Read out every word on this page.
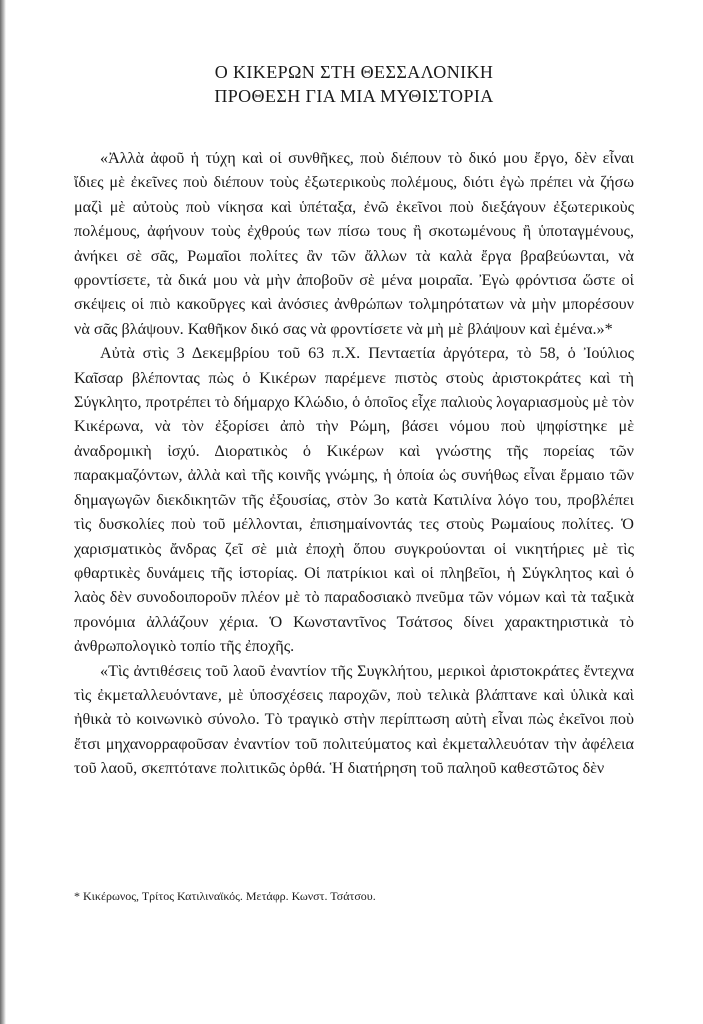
Ο ΚΙΚΕΡΩΝ ΣΤΗ ΘΕΣΣΑΛΟΝΙΚΗ
ΠΡΟΘΕΣΗ ΓΙΑ ΜΙΑ ΜΥΘΙΣΤΟΡΙΑ

«Ἀλλὰ ἀφοῦ ἡ τύχη καὶ οἱ συνθῆκες, ποὺ διέπουν τὸ δικό μου ἔργο, δὲν εἶναι ἴδιες μὲ ἐκεῖνες ποὺ διέπουν τοὺς ἐξωτερικοὺς πολέμους, διότι ἐγὼ πρέπει νὰ ζήσω μαζὶ μὲ αὐτοὺς ποὺ νίκησα καὶ ὑπέταξα, ἐνῶ ἐκεῖνοι ποὺ διεξάγουν ἐξωτερικοὺς πολέμους, ἀφήνουν τοὺς ἐχθρούς των πίσω τους ἢ σκοτωμένους ἢ ὑποταγμένους, ἀνήκει σὲ σᾶς, Ρωμαῖοι πολίτες ἂν τῶν ἄλλων τὰ καλὰ ἔργα βραβεύωνται, νὰ φροντίσετε, τὰ δικά μου νὰ μὴν ἀποβοῦν σὲ μένα μοιραῖα. Ἐγὼ φρόντισα ὥστε οἱ σκέψεις οἱ πιὸ κακοῦργες καὶ ἀνόσιες ἀνθρώπων τολμηρότατων νὰ μὴν μπορέσουν νὰ σᾶς βλάψουν. Καθῆκον δικό σας νὰ φροντίσετε νὰ μὴ μὲ βλάψουν καὶ ἐμένα.»*

Αὐτὰ στὶς 3 Δεκεμβρίου τοῦ 63 π.Χ. Πενταετία ἀργότερα, τὸ 58, ὁ Ἰούλιος Καῖσαρ βλέποντας πὼς ὁ Κικέρων παρέμενε πιστὸς στοὺς ἀριστοκράτες καὶ τὴ Σύγκλητο, προτρέπει τὸ δήμαρχο Κλώδιο, ὁ ὁποῖος εἶχε παλιοὺς λογαριασμοὺς μὲ τὸν Κικέρωνα, νὰ τὸν ἐξορίσει ἀπὸ τὴν Ρώμη, βάσει νόμου ποὺ ψηφίστηκε μὲ ἀναδρομικὴ ἰσχύ. Διορατικὸς ὁ Κικέρων καὶ γνώστης τῆς πορείας τῶν παρακμαζόντων, ἀλλὰ καὶ τῆς κοινῆς γνώμης, ἡ ὁποία ὡς συνήθως εἶναι ἔρμαιο τῶν δημαγωγῶν διεκδικητῶν τῆς ἐξουσίας, στὸν 3ο κατὰ Κατιλίνα λόγο του, προβλέπει τὶς δυσκολίες ποὺ τοῦ μέλλονται, ἐπισημαίνοντάς τες στοὺς Ρωμαίους πολίτες. Ὁ χαρισματικὸς ἄνδρας ζεῖ σὲ μιὰ ἐποχὴ ὅπου συγκρούονται οἱ νικητήριες μὲ τὶς φθαρτικὲς δυνάμεις τῆς ἱστορίας. Οἱ πατρίκιοι καὶ οἱ πληβεῖοι, ἡ Σύγκλητος καὶ ὁ λαὸς δὲν συνοδοιποροῦν πλέον μὲ τὸ παραδοσιακὸ πνεῦμα τῶν νόμων καὶ τὰ ταξικὰ προνόμια ἀλλάζουν χέρια. Ὁ Κωνσταντῖνος Τσάτσος δίνει χαρακτηριστικὰ τὸ ἀνθρωπολογικὸ τοπίο τῆς ἐποχῆς.

«Τὶς ἀντιθέσεις τοῦ λαοῦ ἐναντίον τῆς Συγκλήτου, μερικοὶ ἀριστοκράτες ἔντεχνα τὶς ἐκμεταλλευόντανε, μὲ ὑποσχέσεις παροχῶν, ποὺ τελικὰ βλάπτανε καὶ ὑλικὰ καὶ ἠθικὰ τὸ κοινωνικὸ σύνολο. Τὸ τραγικὸ στὴν περίπτωση αὐτὴ εἶναι πὼς ἐκεῖνοι ποὺ ἔτσι μηχανορραφοῦσαν ἐναντίον τοῦ πολιτεύματος καὶ ἐκμεταλλευόταν τὴν ἀφέλεια τοῦ λαοῦ, σκεπτότανε πολιτικῶς ὀρθά. Ἡ διατήρηση τοῦ παληοῦ καθεστῶτος δὲν

* Κικέρωνος, Τρίτος Κατιλιναϊκός. Μετάφρ. Κωνστ. Τσάτσου.
